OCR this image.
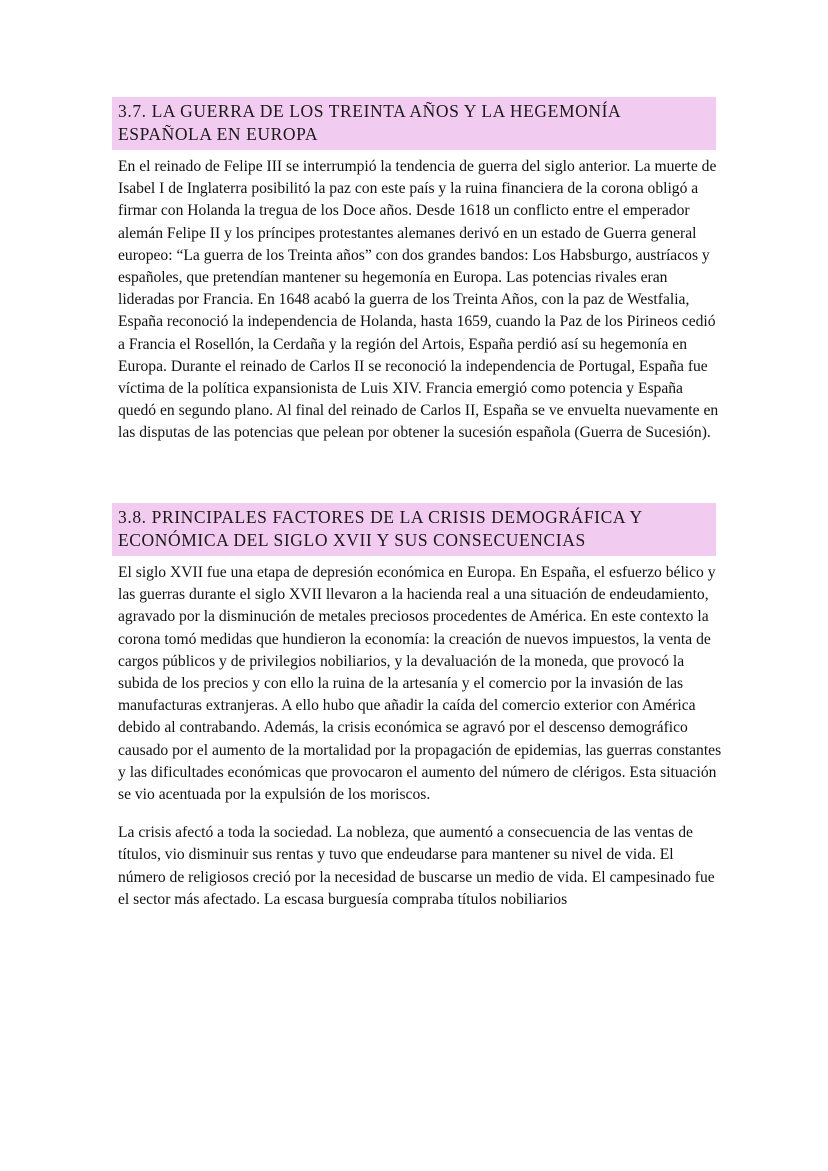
3.7. LA GUERRA DE LOS TREINTA AÑOS Y LA HEGEMONÍA ESPAÑOLA EN EUROPA

En el reinado de Felipe III se interrumpió la tendencia de guerra del siglo anterior. La muerte de Isabel I de Inglaterra posibilitó la paz con este país y la ruina financiera de la corona obligó a firmar con Holanda la tregua de los Doce años. Desde 1618 un conflicto entre el emperador alemán Felipe II y los príncipes protestantes alemanes derivó en un estado de Guerra general europeo: “La guerra de los Treinta años” con dos grandes bandos: Los Habsburgo, austríacos y españoles, que pretendían mantener su hegemonía en Europa. Las potencias rivales eran lideradas por Francia. En 1648 acabó la guerra de los Treinta Años, con la paz de Westfalia, España reconoció la independencia de Holanda, hasta 1659, cuando la Paz de los Pirineos cedió a Francia el Rosellón, la Cerdaña y la región del Artois, España perdió así su hegemonía en Europa. Durante el reinado de Carlos II se reconoció la independencia de Portugal, España fue víctima de la política expansionista de Luis XIV. Francia emergió como potencia y España quedó en segundo plano. Al final del reinado de Carlos II, España se ve envuelta nuevamente en las disputas de las potencias que pelean por obtener la sucesión española (Guerra de Sucesión).

3.8. PRINCIPALES FACTORES DE LA CRISIS DEMOGRÁFICA Y ECONÓMICA DEL SIGLO XVII Y SUS CONSECUENCIAS

El siglo XVII fue una etapa de depresión económica en Europa. En España, el esfuerzo bélico y las guerras durante el siglo XVII llevaron a la hacienda real a una situación de endeudamiento, agravado por la disminución de metales preciosos procedentes de América. En este contexto la corona tomó medidas que hundieron la economía: la creación de nuevos impuestos, la venta de cargos públicos y de privilegios nobiliarios, y la devaluación de la moneda, que provocó la subida de los precios y con ello la ruina de la artesanía y el comercio por la invasión de las manufacturas extranjeras. A ello hubo que añadir la caída del comercio exterior con América debido al contrabando. Además, la crisis económica se agravó por el descenso demográfico causado por el aumento de la mortalidad por la propagación de epidemias, las guerras constantes y las dificultades económicas que provocaron el aumento del número de clérigos. Esta situación se vio acentuada por la expulsión de los moriscos.

La crisis afectó a toda la sociedad. La nobleza, que aumentó a consecuencia de las ventas de títulos, vio disminuir sus rentas y tuvo que endeudarse para mantener su nivel de vida. El número de religiosos creció por la necesidad de buscarse un medio de vida. El campesinado fue el sector más afectado. La escasa burguesía compraba títulos nobiliarios
